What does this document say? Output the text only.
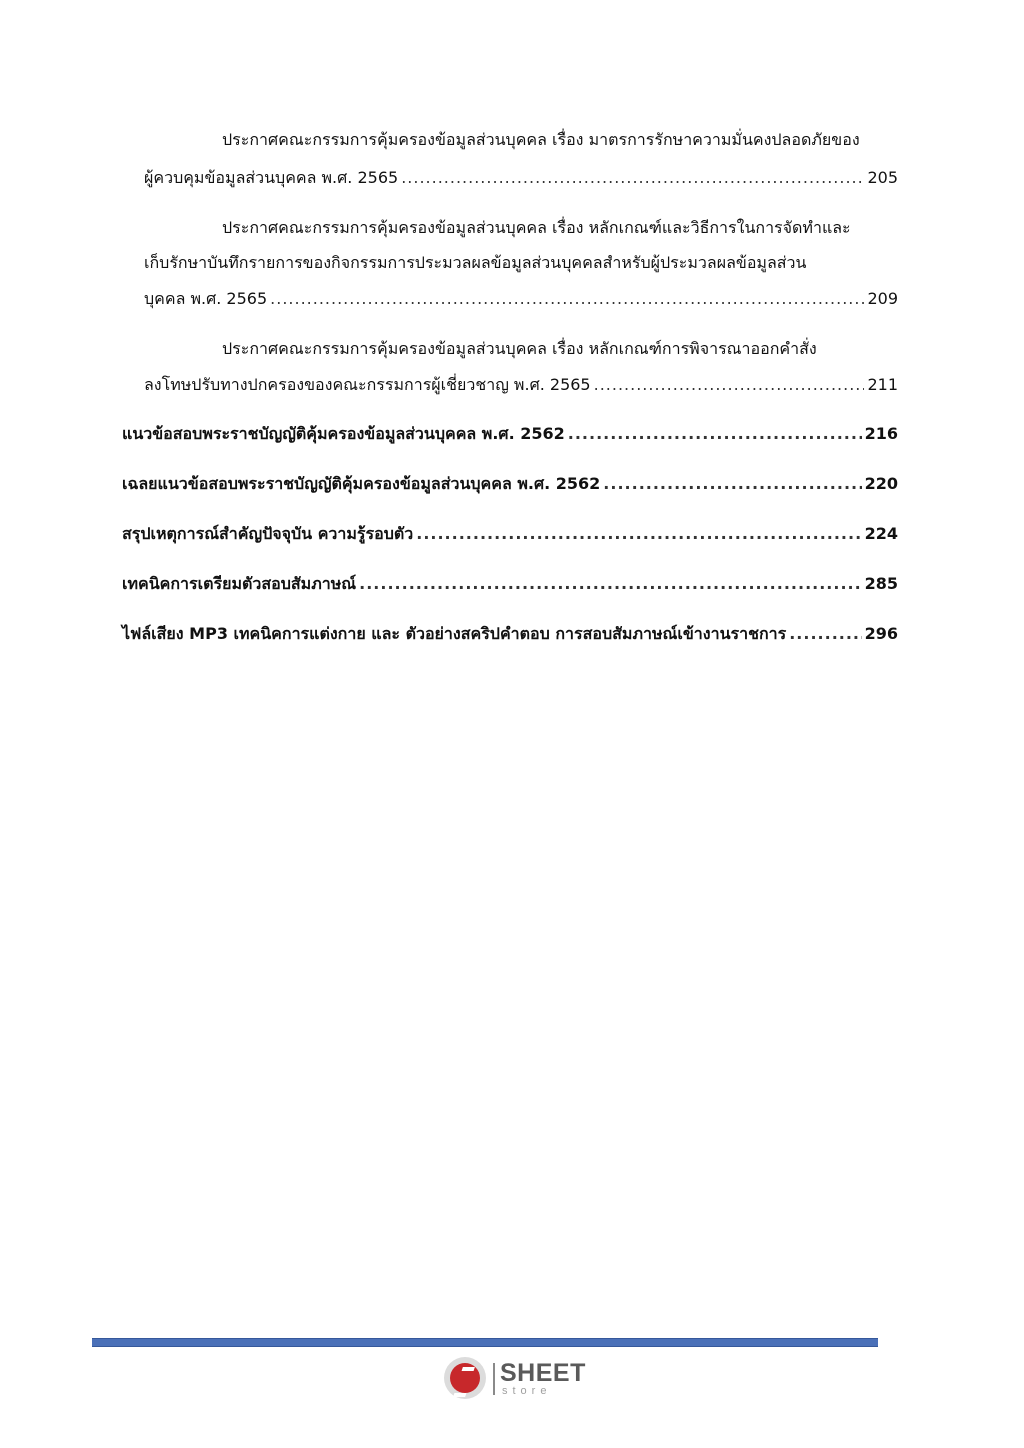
ประกาศคณะกรรมการคุ้มครองข้อมูลส่วนบุคคล เรื่อง มาตรการรักษาความมั่นคงปลอดภัยของ
ผู้ควบคุมข้อมูลส่วนบุคคล พ.ศ. 2565 .....	205
ประกาศคณะกรรมการคุ้มครองข้อมูลส่วนบุคคล เรื่อง หลักเกณฑ์และวิธีการในการจัดทำและ
เก็บรักษาบันทึกรายการของกิจกรรมการประมวลผลข้อมูลส่วนบุคคลสำหรับผู้ประมวลผลข้อมูลส่วน
บุคคล พ.ศ. 2565 .....	209
ประกาศคณะกรรมการคุ้มครองข้อมูลส่วนบุคคล เรื่อง หลักเกณฑ์การพิจารณาออกคำสั่ง
ลงโทษปรับทางปกครองของคณะกรรมการผู้เชี่ยวชาญ พ.ศ. 2565 .....	211
แนวข้อสอบพระราชบัญญัติคุ้มครองข้อมูลส่วนบุคคล พ.ศ. 2562 .....	216
เฉลยแนวข้อสอบพระราชบัญญัติคุ้มครองข้อมูลส่วนบุคคล พ.ศ. 2562 .....	220
สรุปเหตุการณ์สำคัญปัจจุบัน ความรู้รอบตัว .....	224
เทคนิคการเตรียมตัวสอบสัมภาษณ์ .....	285
ไฟล์เสียง MP3 เทคนิคการแต่งกาย และ ตัวอย่างสคริปคำตอบ การสอบสัมภาษณ์เข้างานราชการ .....	296
SHEET
store
